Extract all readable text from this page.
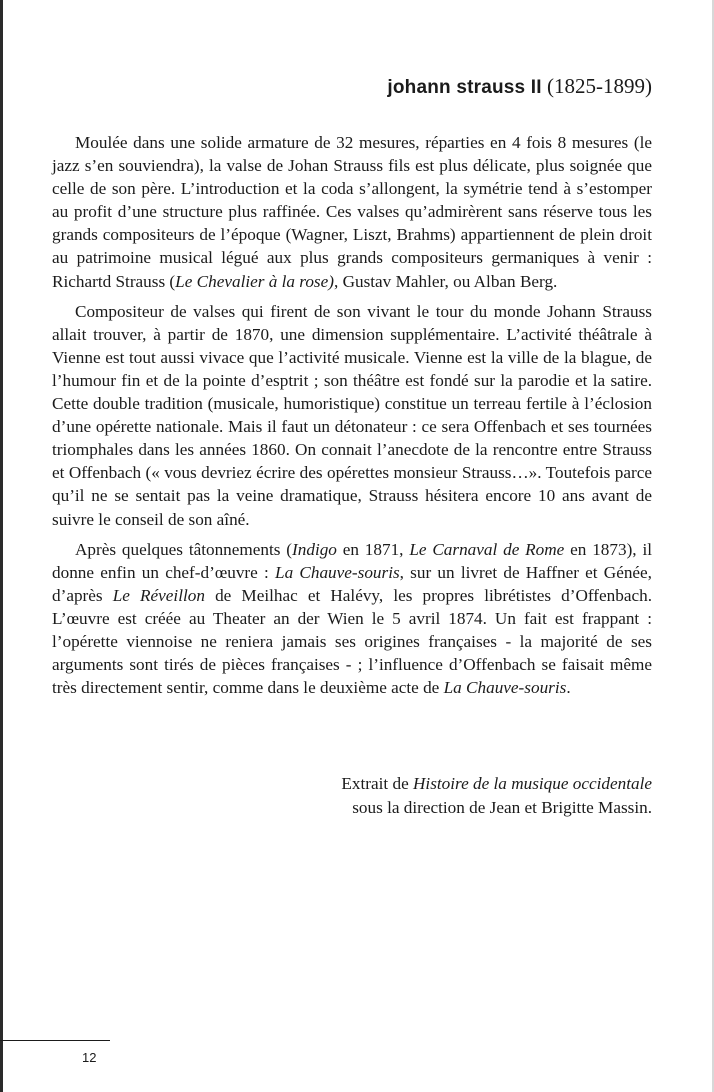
johann strauss II (1825-1899)

Moulée dans une solide armature de 32 mesures, réparties en 4 fois 8 mesures (le jazz s’en souviendra), la valse de Johan Strauss fils est plus délicate, plus soignée que celle de son père. L’introduction et la coda s’allongent, la symétrie tend à s’estomper au profit d’une structure plus raffinée. Ces valses qu’admirèrent sans réserve tous les grands compositeurs de l’époque (Wagner, Liszt, Brahms) appartiennent de plein droit au patrimoine musical légué aux plus grands compositeurs germaniques à venir : Richartd Strauss (Le Chevalier à la rose), Gustav Mahler, ou Alban Berg.

Compositeur de valses qui firent de son vivant le tour du monde Johann Strauss allait trouver, à partir de 1870, une dimension supplémentaire. L’activité théâtrale à Vienne est tout aussi vivace que l’activité musicale. Vienne est la ville de la blague, de l’humour fin et de la pointe d’esptrit ; son théâtre est fondé sur la parodie et la satire. Cette double tradition (musicale, humoristique) constitue un terreau fertile à l’éclosion d’une opérette nationale. Mais il faut un détonateur : ce sera Offenbach et ses tournées triomphales dans les années 1860. On connait l’anecdote de la rencontre entre Strauss et Offenbach (« vous devriez écrire des opérettes monsieur Strauss…». Toutefois parce qu’il ne se sentait pas la veine dramatique, Strauss hésitera encore 10 ans avant de suivre le conseil de son aîné.

Après quelques tâtonnements (Indigo en 1871, Le Carnaval de Rome en 1873), il donne enfin un chef-d’œuvre : La Chauve-souris, sur un livret de Haffner et Génée, d’après Le Réveillon de Meilhac et Halévy, les propres librétistes d’Offenbach. L’œuvre est créée au Theater an der Wien le 5 avril 1874. Un fait est frappant : l’opérette viennoise ne reniera jamais ses origines françaises - la majorité de ses arguments sont tirés de pièces françaises - ; l’influence d’Offenbach se faisait même très directement sentir, comme dans le deuxième acte de La Chauve-souris.

Extrait de Histoire de la musique occidentale
sous la direction de Jean et Brigitte Massin.
12
